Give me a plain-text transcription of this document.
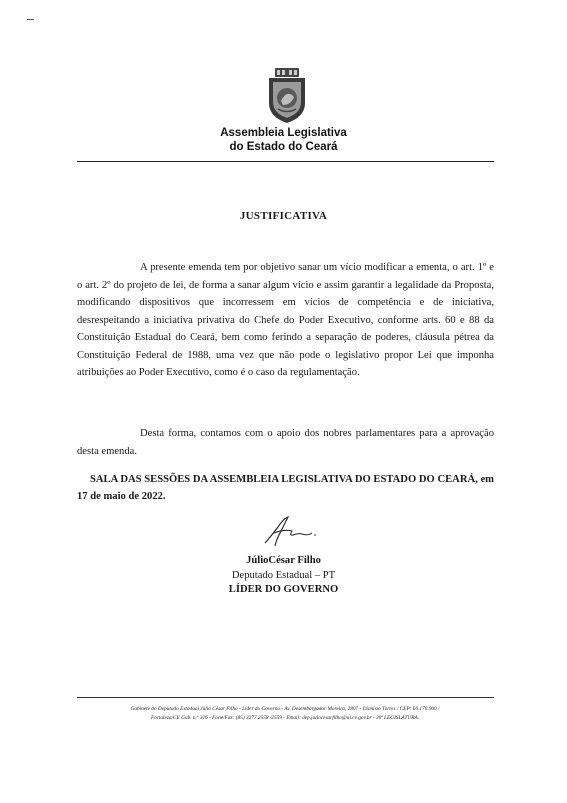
Assembleia Legislativa
do Estado do Ceará
JUSTIFICATIVA

A presente emenda tem por objetivo sanar um vício modificar a ementa, o art. 1º e o art. 2º do projeto de lei, de forma a sanar algum vício e assim garantir a legalidade da Proposta, modificando dispositivos que incorressem em vícios de competência e de iniciativa, desrespeitando a iniciativa privativa do Chefe do Poder Executivo, conforme arts. 60 e 88 da Constituição Estadual do Ceará, bem como ferindo a separação de poderes, cláusula pétrea da Constituição Federal de 1988, uma vez que não pode o legislativo propor Lei que imponha atribuições ao Poder Executivo, como é o caso da regulamentação.

Desta forma, contamos com o apoio dos nobres parlamentares para a aprovação desta emenda.

SALA DAS SESSÕES DA ASSEMBLEIA LEGISLATIVA DO ESTADO DO CEARÁ, em 17 de maio de 2022.

JúlioCésar Filho
Deputado Estadual – PT
LÍDER DO GOVERNO

Gabinete do Deputado Estadual Júlio César Filho - Líder do Governo - Av. Desembargador Moreira, 2807 - Dionísio Torres / CEP: 60.170.900 /

Fortaleza/CE Gab. n.º 316 - Fone/Fax: (85) 3277.2558 /2559 - Email: dep.juliocesarfilho@al.ce.gov.br - 30ª LEGISLATURA.
